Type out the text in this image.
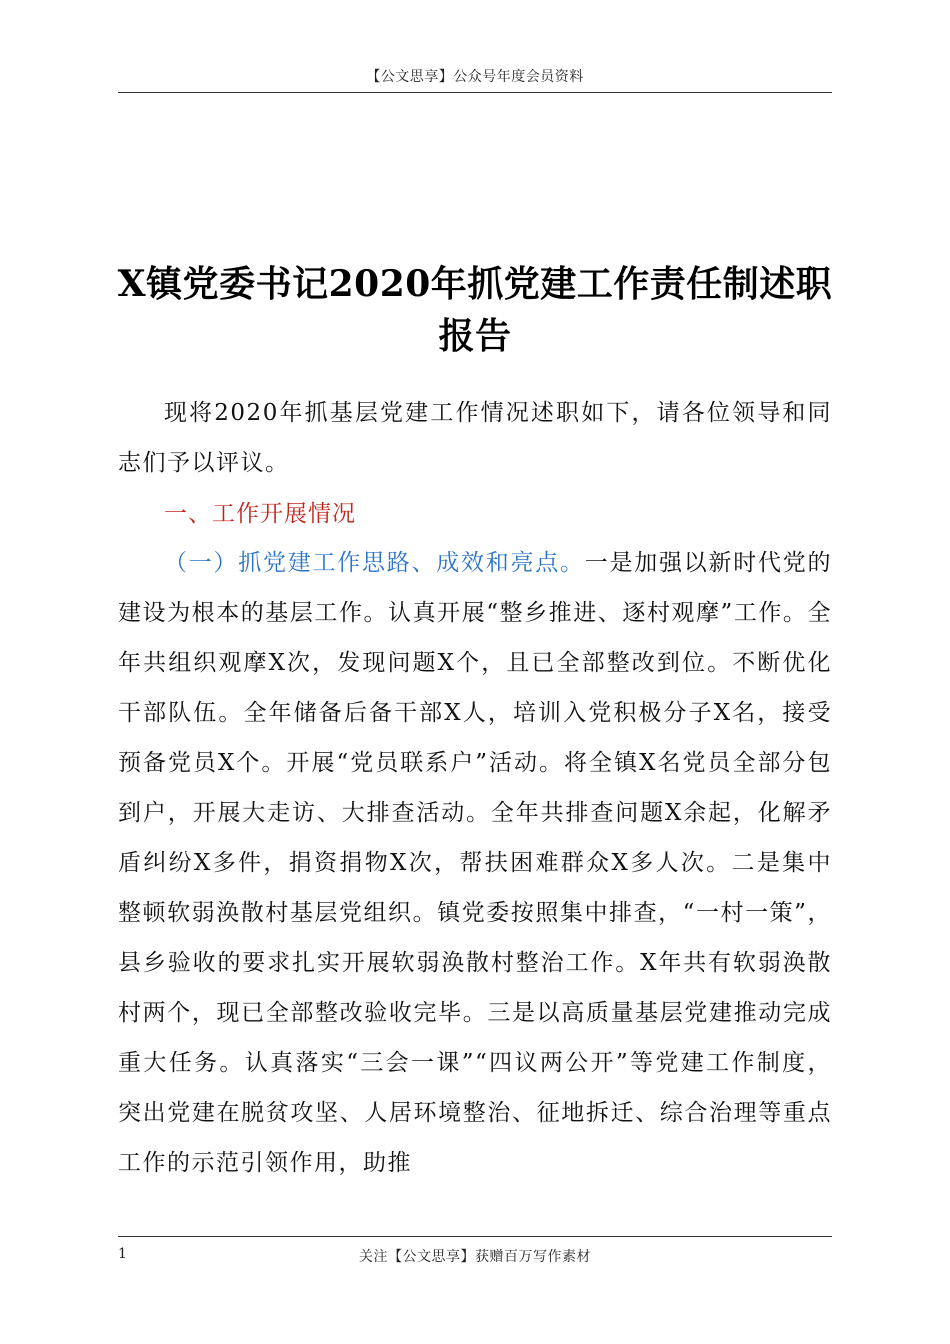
【公文思享】公众号年度会员资料
X镇党委书记2020年抓党建工作责任制述职报告

现将2020年抓基层党建工作情况述职如下，请各位领导和同志们予以评议。

一、工作开展情况

（一）抓党建工作思路、成效和亮点。一是加强以新时代党的建设为根本的基层工作。认真开展“整乡推进、逐村观摩”工作。全年共组织观摩X次，发现问题X个，且已全部整改到位。不断优化干部队伍。全年储备后备干部X人，培训入党积极分子X名，接受预备党员X个。开展“党员联系户”活动。将全镇X名党员全部分包到户，开展大走访、大排查活动。全年共排查问题X余起，化解矛盾纠纷X多件，捐资捐物X次，帮扶困难群众X多人次。二是集中整顿软弱涣散村基层党组织。镇党委按照集中排查，“一村一策”，县乡验收的要求扎实开展软弱涣散村整治工作。X年共有软弱涣散村两个，现已全部整改验收完毕。三是以高质量基层党建推动完成重大任务。认真落实“三会一课”“四议两公开”等党建工作制度，突出党建在脱贫攻坚、人居环境整治、征地拆迁、综合治理等重点工作的示范引领作用，助推

1	关注【公文思享】获赠百万写作素材
